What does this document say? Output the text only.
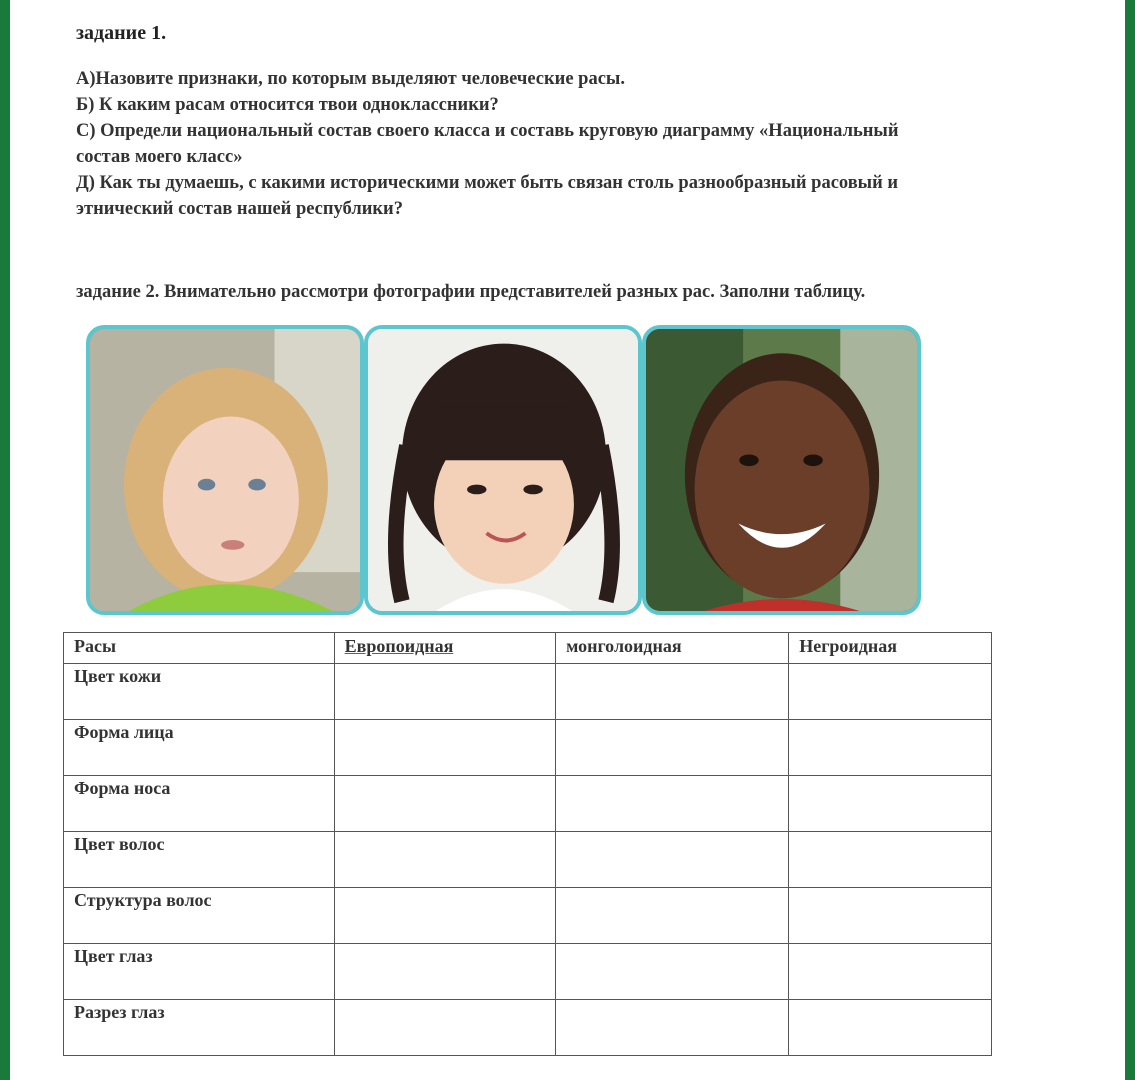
задание 1.
А)Назовите признаки, по которым выделяют человеческие расы.
Б) К каким расам относится твои одноклассники?
С) Определи национальный состав своего класса и составь круговую диаграмму «Национальный
состав моего класс»
Д) Как ты думаешь, с какими историческими может быть связан столь разнообразный расовый и
этнический состав нашей республики?
задание 2. Внимательно рассмотри фотографии представителей разных рас. Заполни таблицу.
Расы	Европоидная	монголоидная	Негроидная
Цвет кожи			
Форма лица			
Форма носа			
Цвет волос			
Структура волос			
Цвет глаз			
Разрез глаз			
